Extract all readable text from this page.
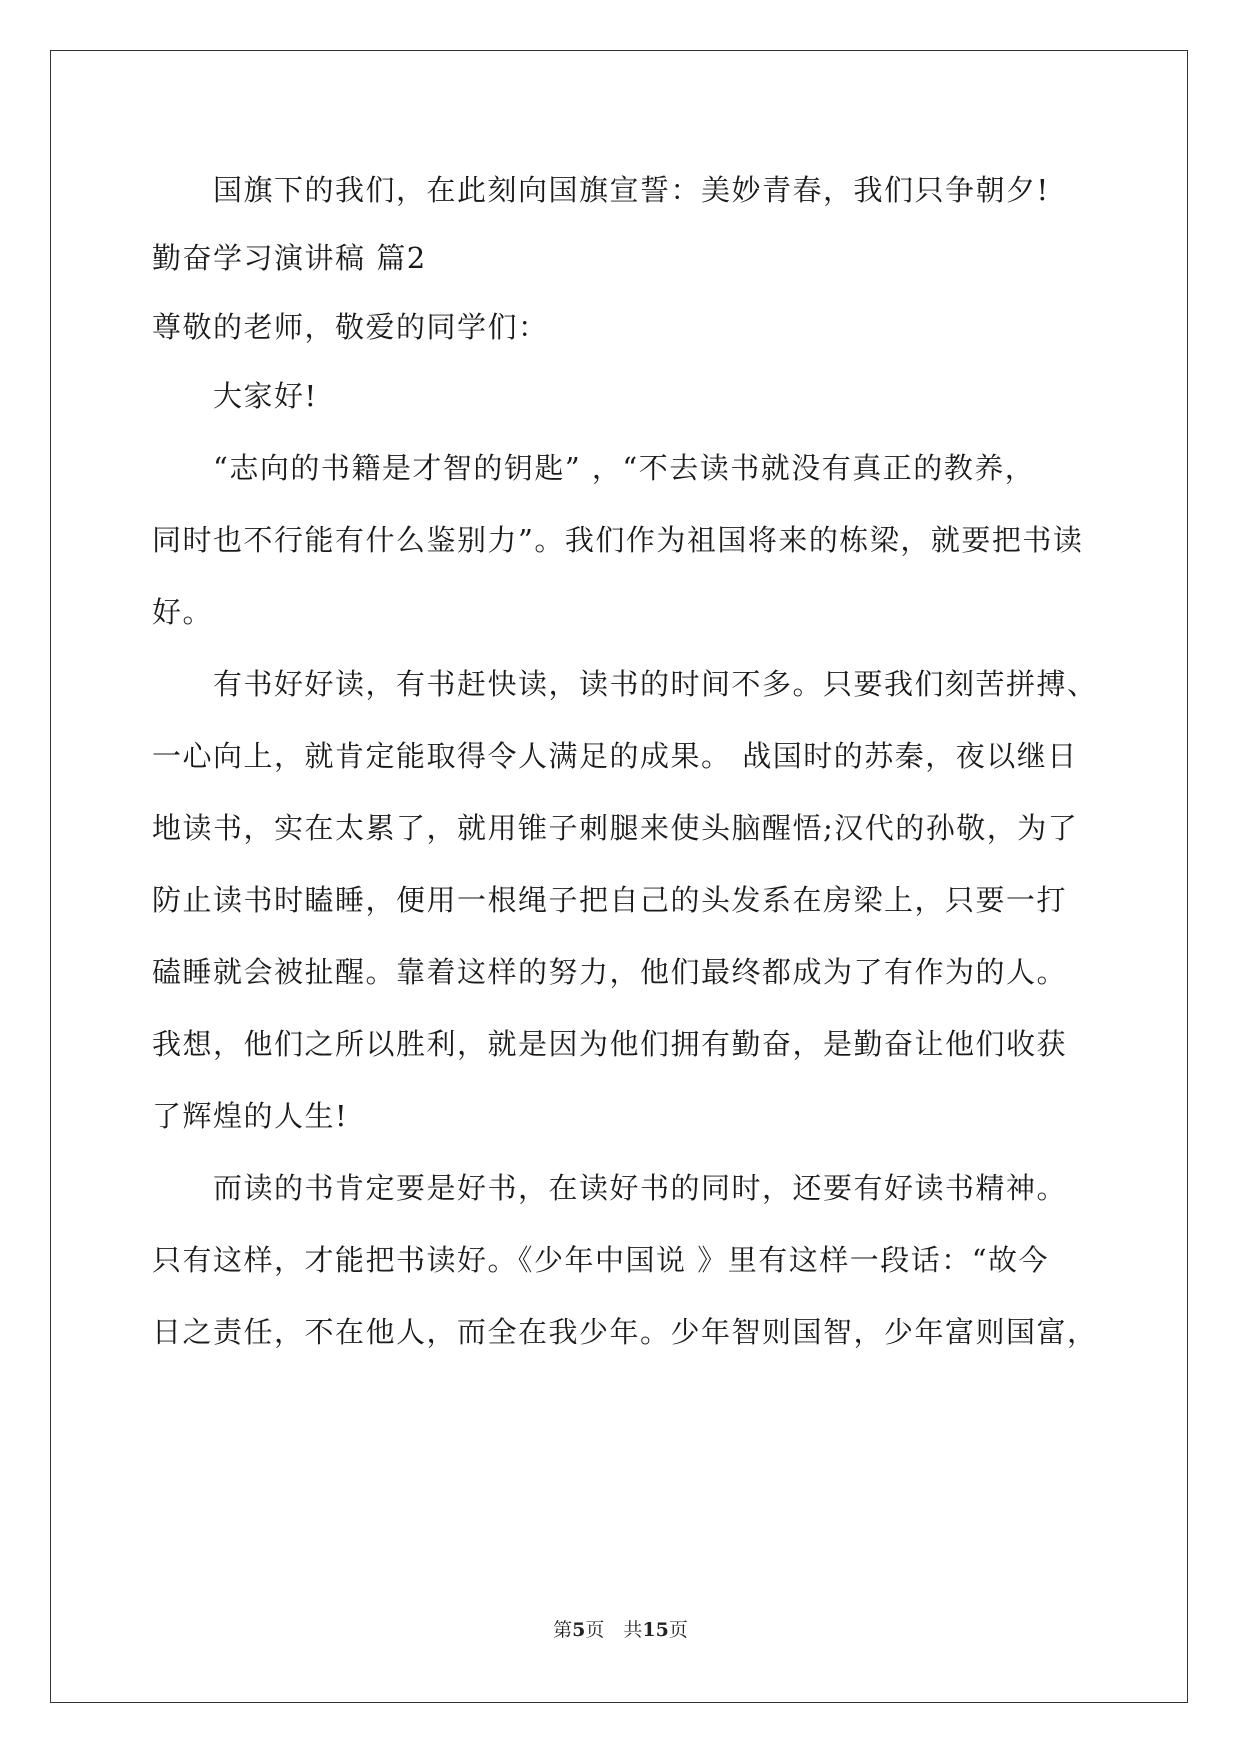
国旗下的我们，在此刻向国旗宣誓：美妙青春，我们只争朝夕!
勤奋学习演讲稿 篇2
尊敬的老师，敬爱的同学们：
大家好!
“志向的书籍是才智的钥匙” ，“不去读书就没有真正的教养，
同时也不行能有什么鉴别力”。我们作为祖国将来的栋梁，就要把书读
好。
有书好好读，有书赶快读，读书的时间不多。只要我们刻苦拼搏、
一心向上，就肯定能取得令人满足的成果。 战国时的苏秦，夜以继日
地读书，实在太累了，就用锥子刺腿来使头脑醒悟;汉代的孙敬，为了
防止读书时瞌睡，便用一根绳子把自己的头发系在房梁上，只要一打
磕睡就会被扯醒。靠着这样的努力，他们最终都成为了有作为的人。
我想，他们之所以胜利，就是因为他们拥有勤奋，是勤奋让他们收获
了辉煌的人生!
而读的书肯定要是好书，在读好书的同时，还要有好读书精神。
只有这样，才能把书读好。《少年中国说 》里有这样一段话：“故今
日之责任，不在他人，而全在我少年。少年智则国智，少年富则国富，
第5页　共15页
